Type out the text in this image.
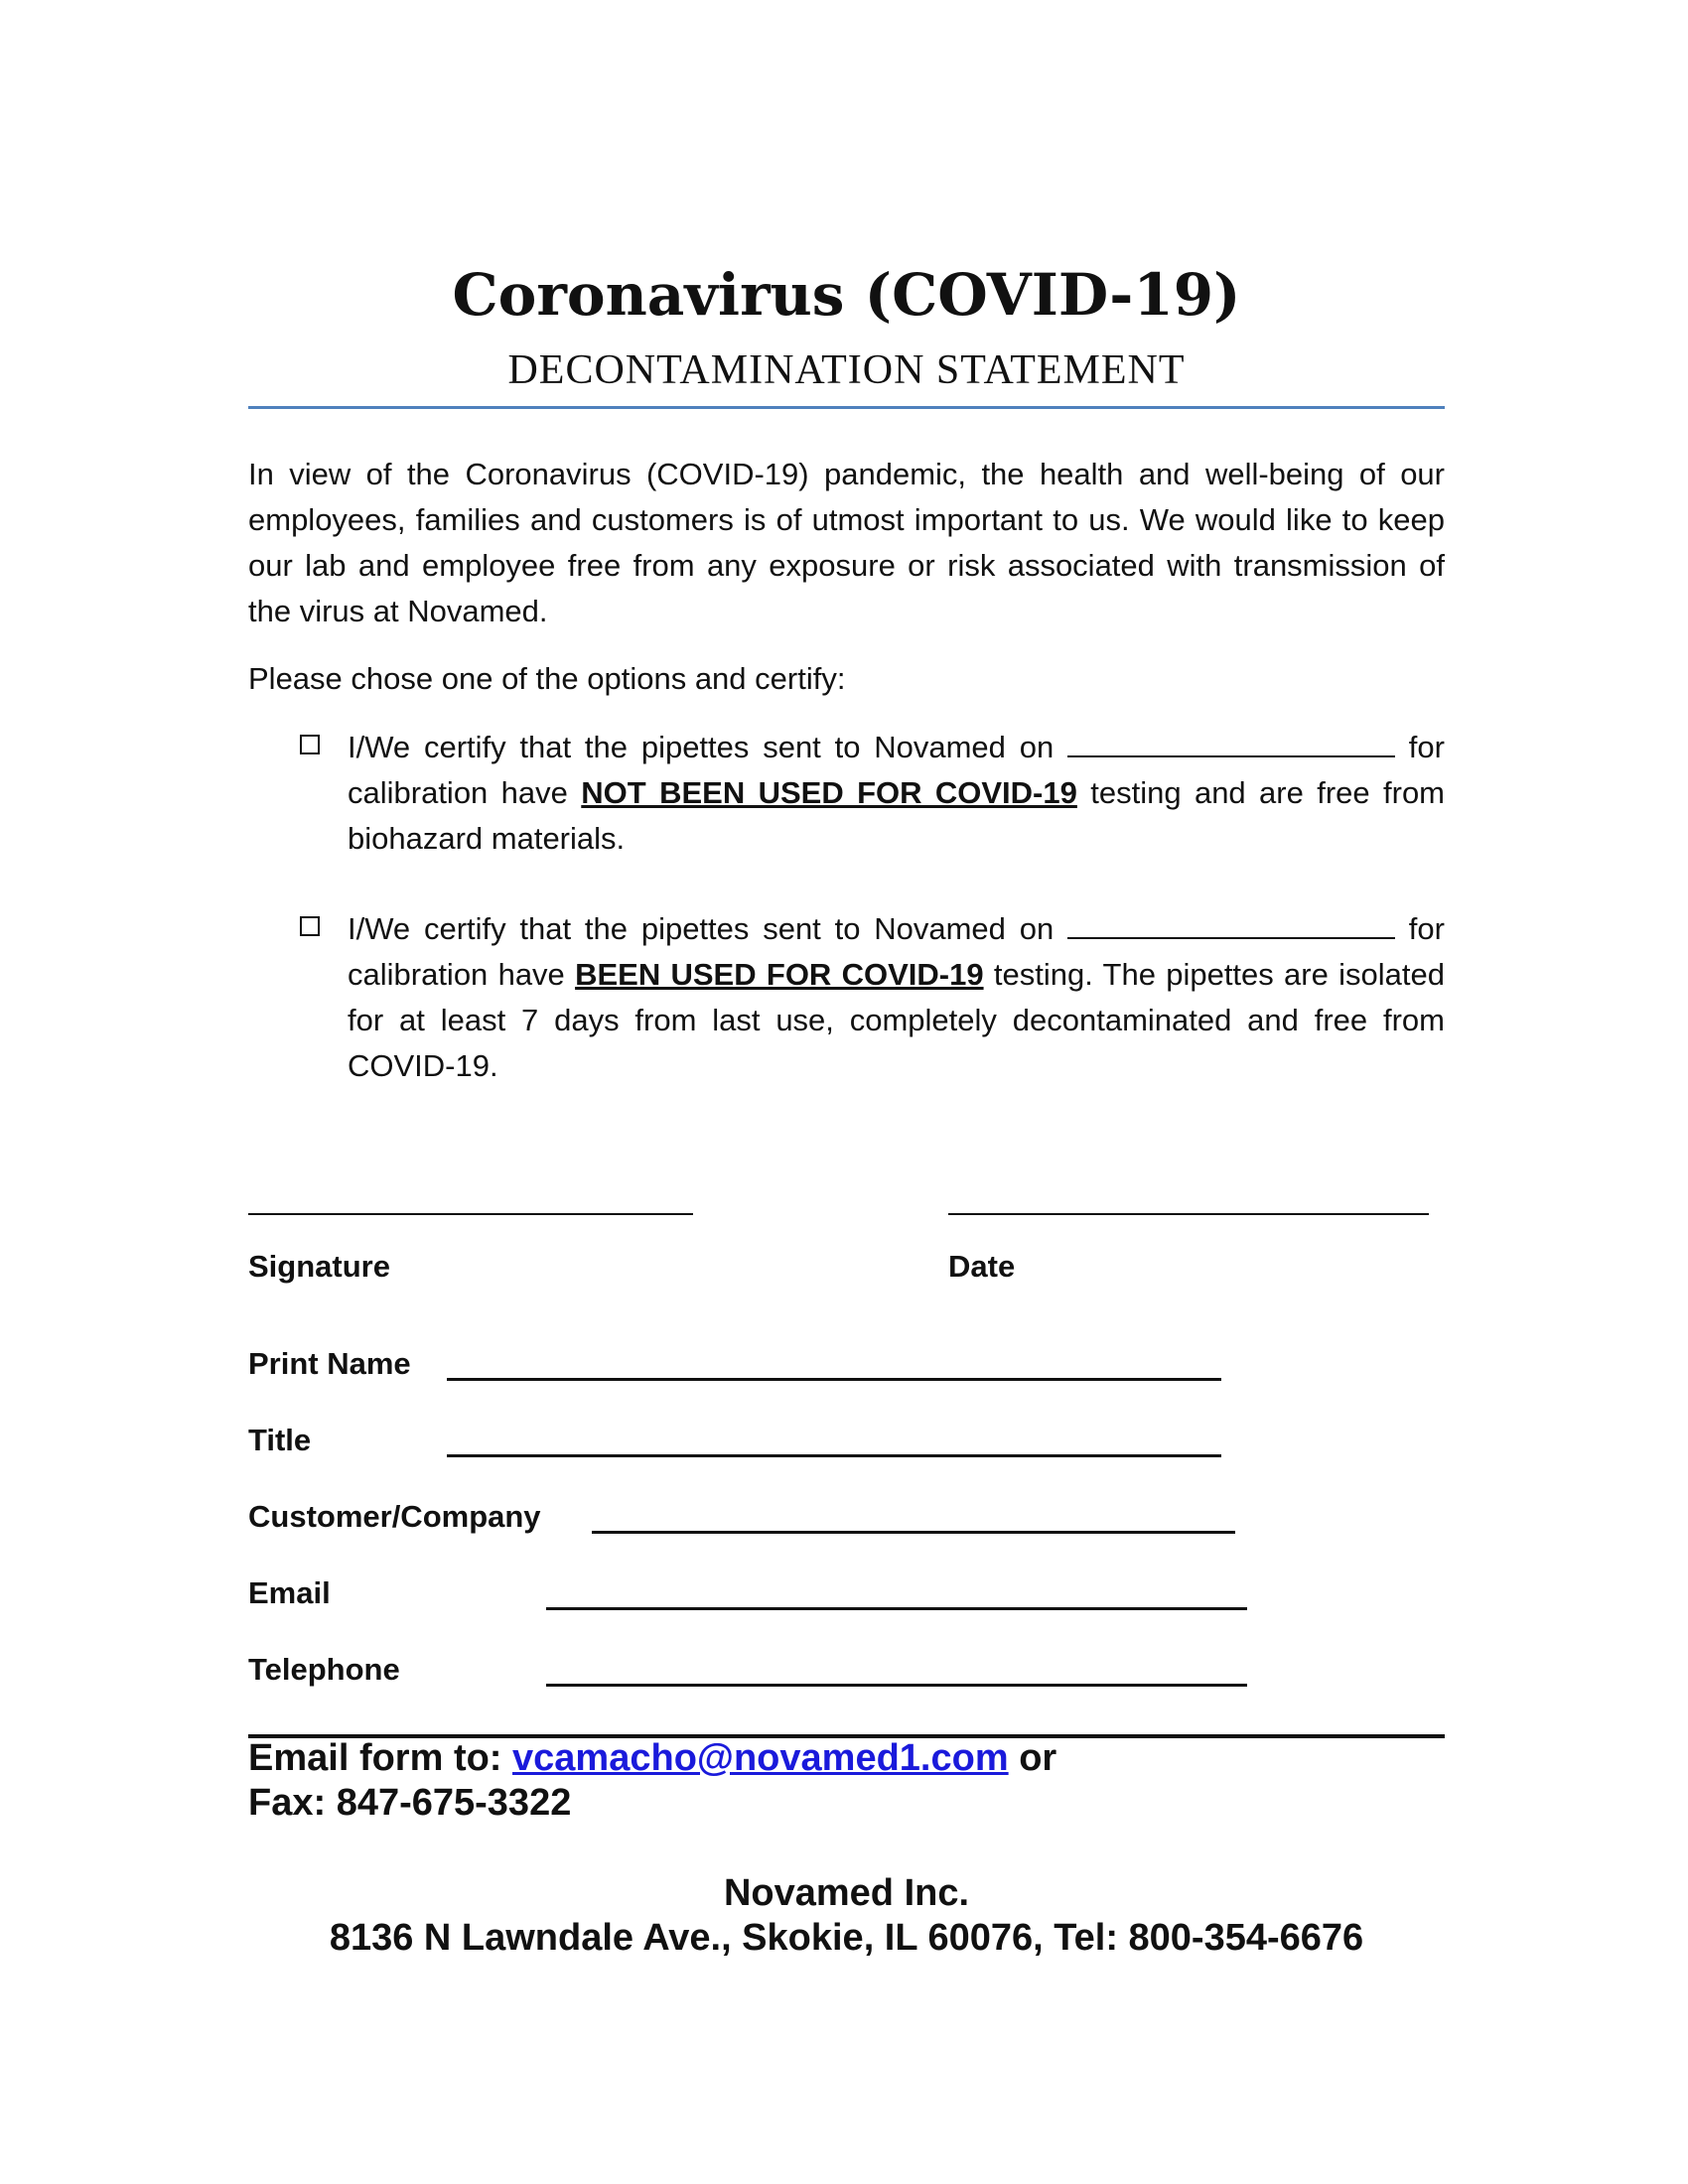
Coronavirus (COVID-19)
DECONTAMINATION STATEMENT

In view of the Coronavirus (COVID-19) pandemic, the health and well-being of our employees, families and customers is of utmost important to us. We would like to keep our lab and employee free from any exposure or risk associated with transmission of the virus at Novamed.

Please chose one of the options and certify:

I/We certify that the pipettes sent to Novamed on	for calibration have NOT BEEN USED FOR COVID-19 testing and are free from biohazard materials.
I/We certify that the pipettes sent to Novamed on	for calibration have BEEN USED FOR COVID-19 testing. The pipettes are isolated for at least 7 days from last use, completely decontaminated and free from COVID-19.
Signature	Date
Print Name
Title
Customer/Company
Email
Telephone
Email form to: vcamacho@novamed1.com or
Fax: 847-675-3322
Novamed Inc.
8136 N Lawndale Ave., Skokie, IL 60076, Tel: 800-354-6676
